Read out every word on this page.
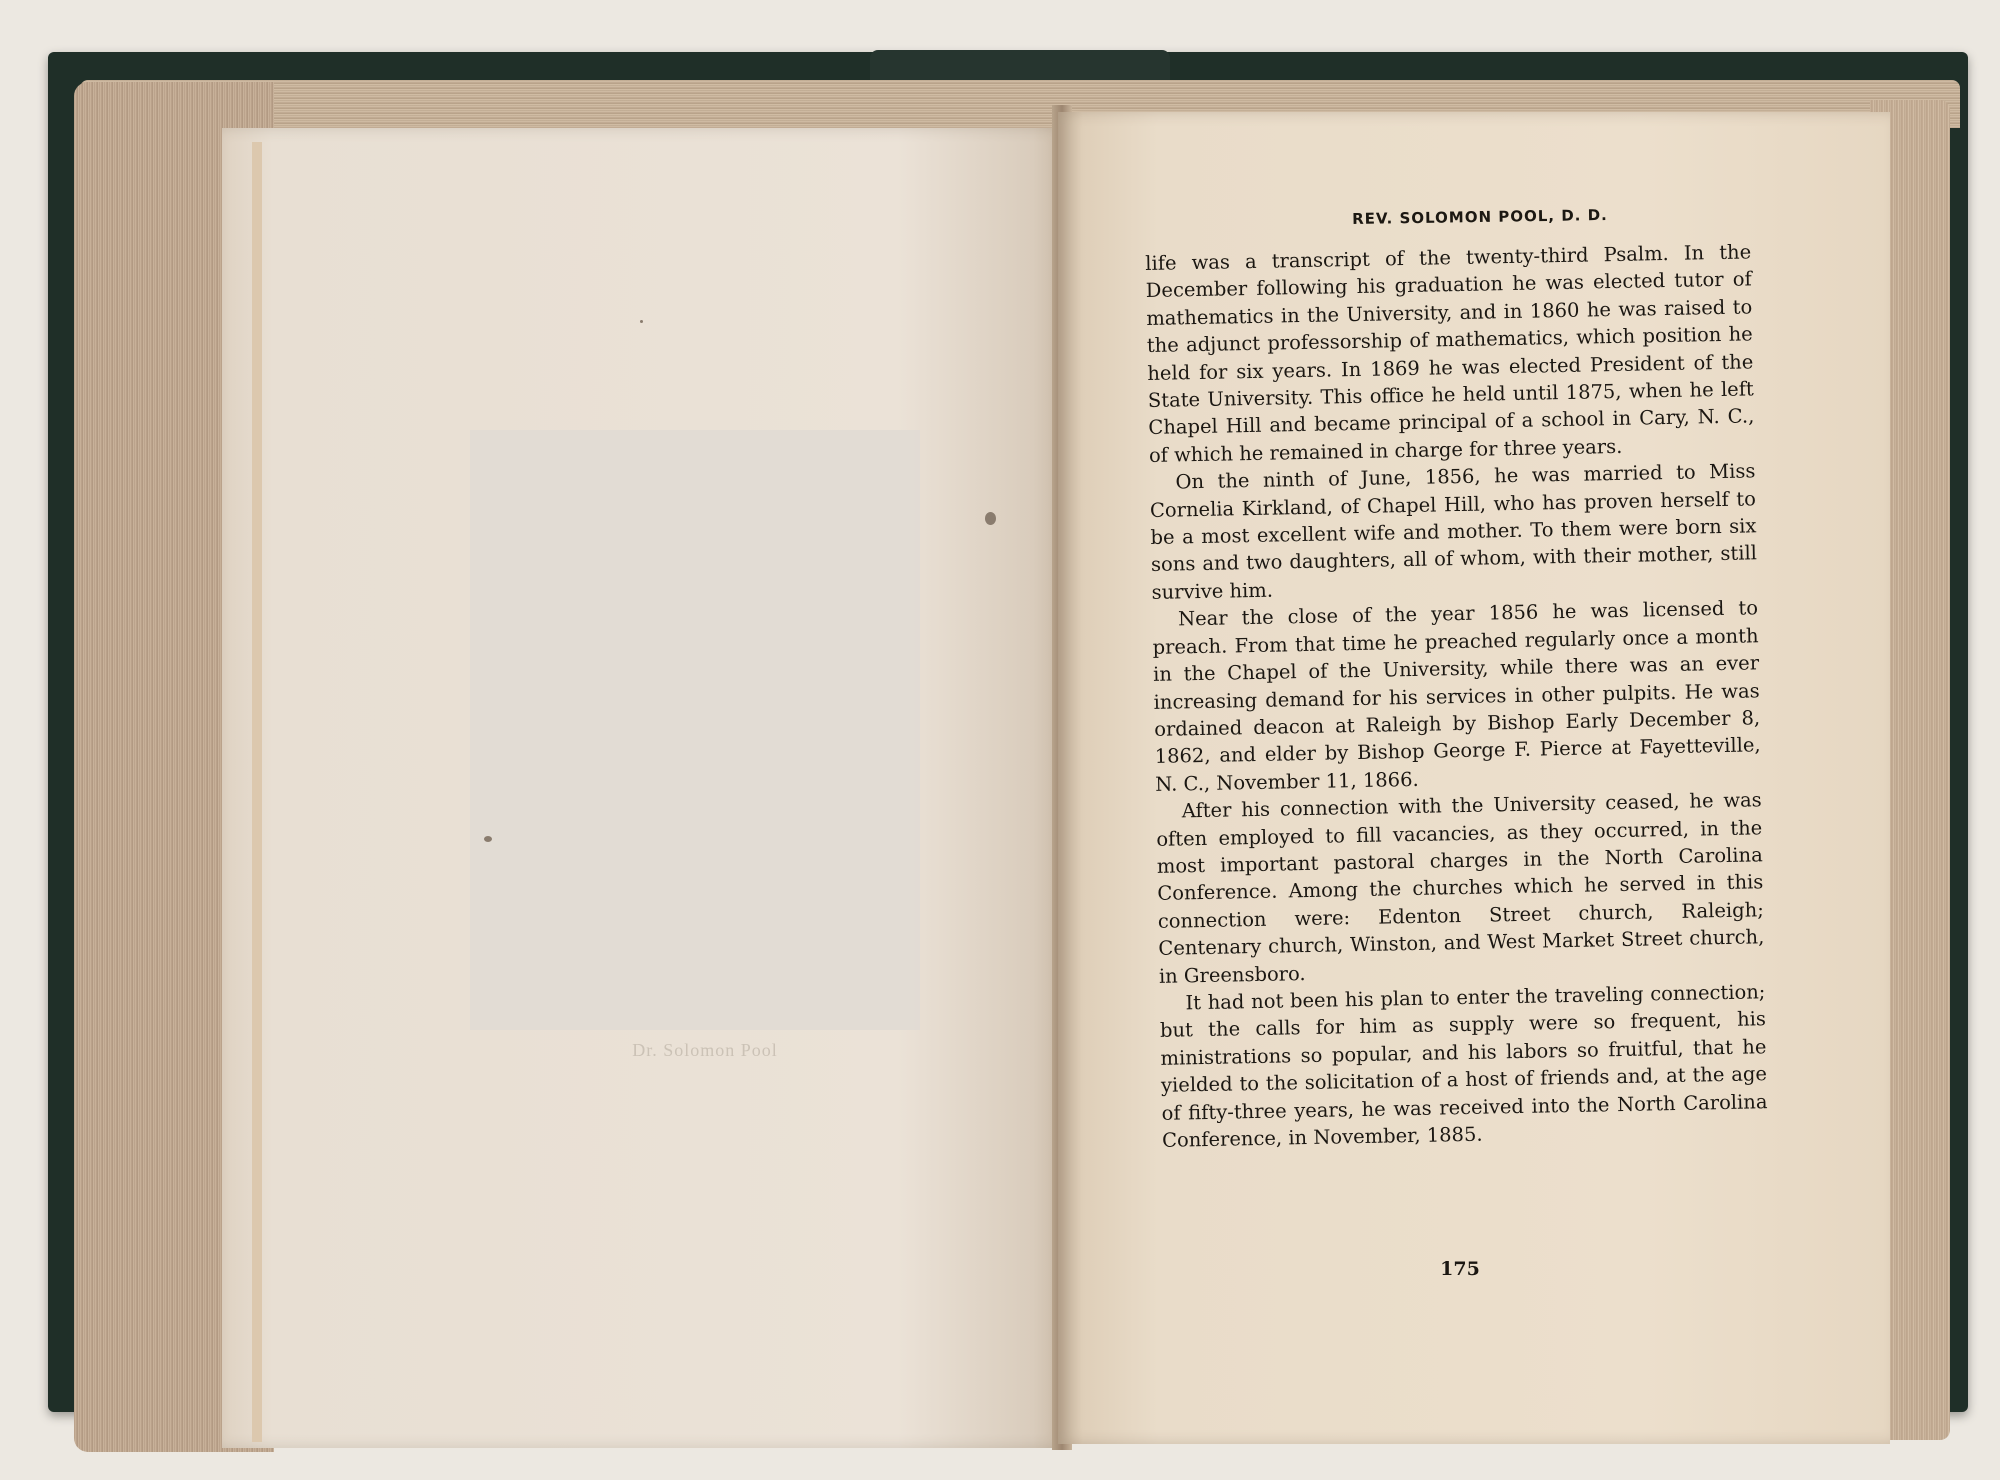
Dr. Solomon Pool
REV. SOLOMON POOL, D. D.

life was a transcript of the twenty-third Psalm. In the December following his graduation he was elected tutor of mathematics in the University, and in 1860 he was raised to the adjunct professorship of mathematics, which position he held for six years. In 1869 he was elected President of the State University. This office he held until 1875, when he left Chapel Hill and became principal of a school in Cary, N. C., of which he remained in charge for three years.

On the ninth of June, 1856, he was married to Miss Cornelia Kirkland, of Chapel Hill, who has proven herself to be a most excellent wife and mother. To them were born six sons and two daughters, all of whom, with their mother, still survive him.

Near the close of the year 1856 he was licensed to preach. From that time he preached regularly once a month in the Chapel of the University, while there was an ever increasing demand for his services in other pulpits. He was ordained deacon at Raleigh by Bishop Early December 8, 1862, and elder by Bishop George F. Pierce at Fayetteville, N. C., November 11, 1866.

After his connection with the University ceased, he was often employed to fill vacancies, as they occurred, in the most important pastoral charges in the North Carolina Conference. Among the churches which he served in this connection were: Edenton Street church, Raleigh; Centenary church, Winston, and West Market Street church, in Greensboro.

It had not been his plan to enter the traveling connection; but the calls for him as supply were so frequent, his ministrations so popular, and his labors so fruitful, that he yielded to the solicitation of a host of friends and, at the age of fifty-three years, he was received into the North Carolina Conference, in November, 1885.

175
